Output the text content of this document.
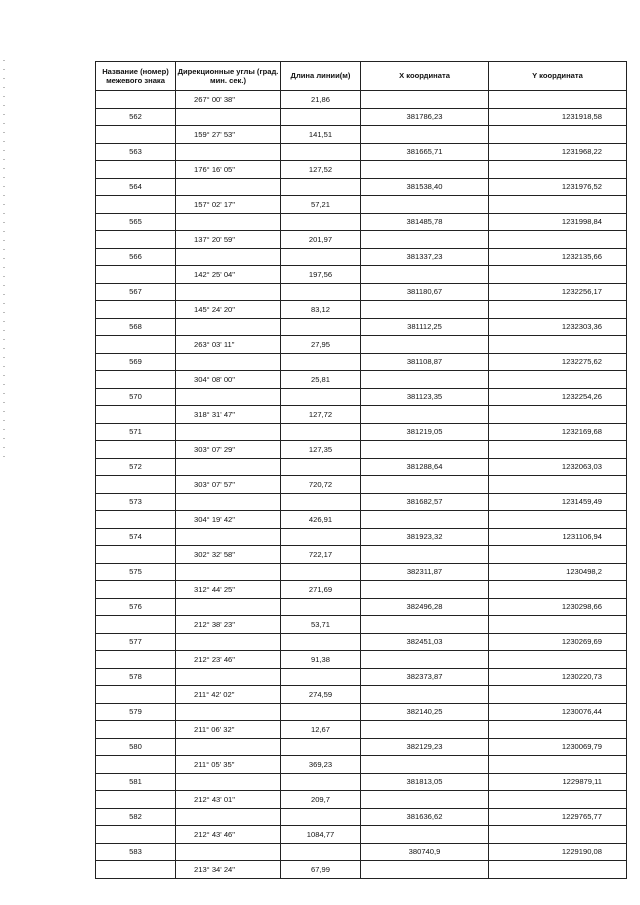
Название (номер) межевого знака	Дирекционные углы (град. мин. сек.)	Длина линии(м)	X координата	Y координата
	267° 00' 38"	21,86		
562			381786,23	1231918,58
	159° 27' 53"	141,51		
563			381665,71	1231968,22
	176° 16' 05"	127,52		
564			381538,40	1231976,52
	157° 02' 17"	57,21		
565			381485,78	1231998,84
	137° 20' 59"	201,97		
566			381337,23	1232135,66
	142° 25' 04"	197,56		
567			381180,67	1232256,17
	145° 24' 20"	83,12		
568			381112,25	1232303,36
	263° 03' 11"	27,95		
569			381108,87	1232275,62
	304° 08' 00"	25,81		
570			381123,35	1232254,26
	318° 31' 47"	127,72		
571			381219,05	1232169,68
	303° 07' 29"	127,35		
572			381288,64	1232063,03
	303° 07' 57"	720,72		
573			381682,57	1231459,49
	304° 19' 42"	426,91		
574			381923,32	1231106,94
	302° 32' 58"	722,17		
575			382311,87	1230498,2
	312° 44' 25"	271,69		
576			382496,28	1230298,66
	212° 38' 23"	53,71		
577			382451,03	1230269,69
	212° 23' 46"	91,38		
578			382373,87	1230220,73
	211° 42' 02"	274,59		
579			382140,25	1230076,44
	211° 06' 32"	12,67		
580			382129,23	1230069,79
	211° 05' 35"	369,23		
581			381813,05	1229879,11
	212° 43' 01"	209,7		
582			381636,62	1229765,77
	212° 43' 46"	1084,77		
583			380740,9	1229190,08
	213° 34' 24"	67,99		
